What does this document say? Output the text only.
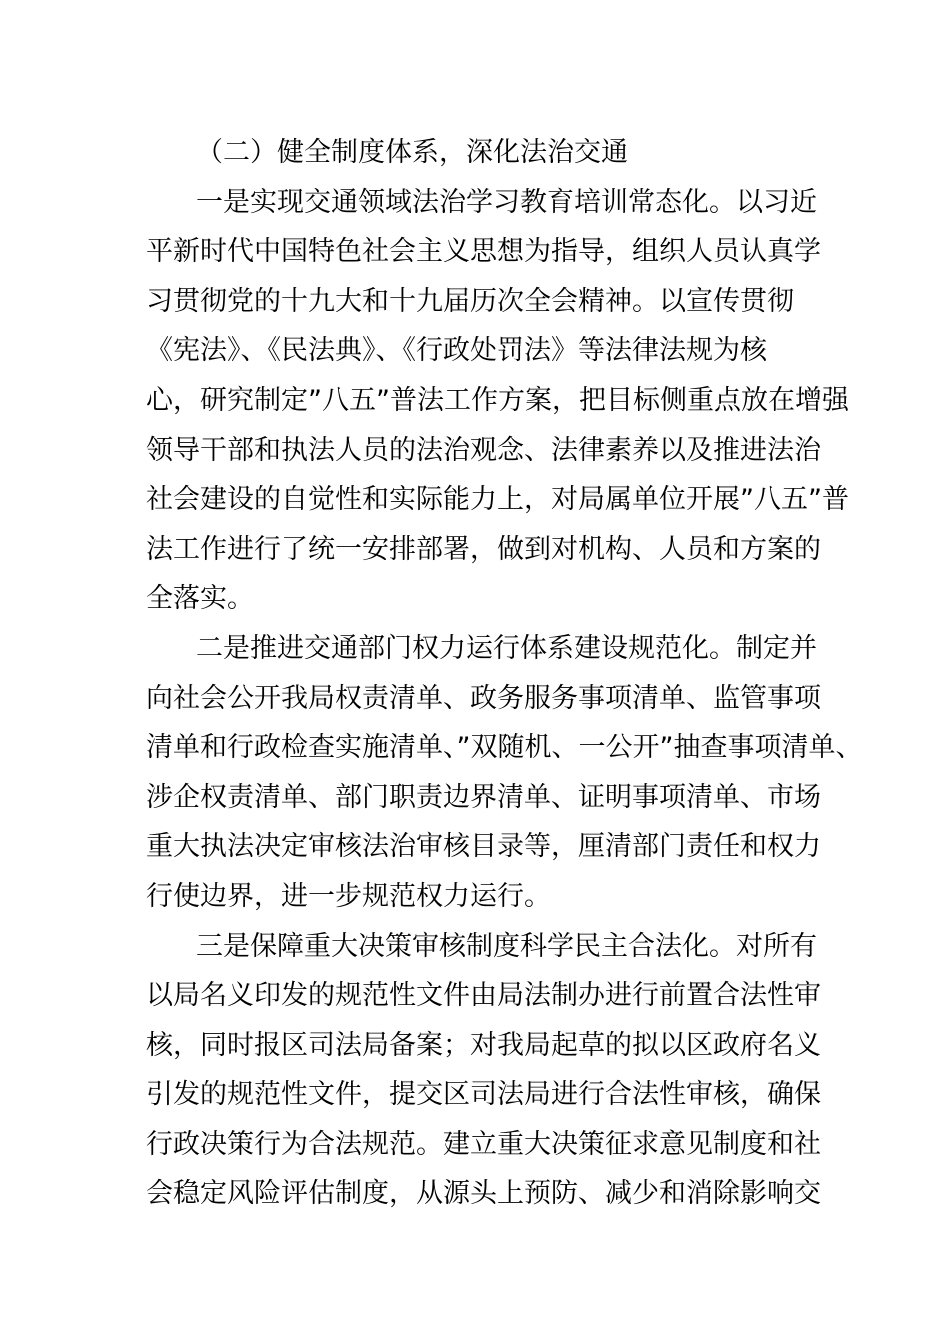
（二）健全制度体系，深化法治交通

一是实现交通领域法治学习教育培训常态化。以习近
平新时代中国特色社会主义思想为指导，组织人员认真学
习贯彻党的十九大和十九届历次全会精神。以宣传贯彻
《宪法》、《民法典》、《行政处罚法》等法律法规为核
心，研究制定”八五”普法工作方案，把目标侧重点放在增强
领导干部和执法人员的法治观念、法律素养以及推进法治
社会建设的自觉性和实际能力上，对局属单位开展”八五”普
法工作进行了统一安排部署，做到对机构、人员和方案的
全落实。
二是推进交通部门权力运行体系建设规范化。制定并
向社会公开我局权责清单、政务服务事项清单、监管事项
清单和行政检查实施清单、”双随机、一公开”抽查事项清单、
涉企权责清单、部门职责边界清单、证明事项清单、市场
重大执法决定审核法治审核目录等，厘清部门责任和权力
行使边界，进一步规范权力运行。
三是保障重大决策审核制度科学民主合法化。对所有
以局名义印发的规范性文件由局法制办进行前置合法性审
核，同时报区司法局备案；对我局起草的拟以区政府名义
引发的规范性文件，提交区司法局进行合法性审核，确保
行政决策行为合法规范。建立重大决策征求意见制度和社
会稳定风险评估制度，从源头上预防、减少和消除影响交
